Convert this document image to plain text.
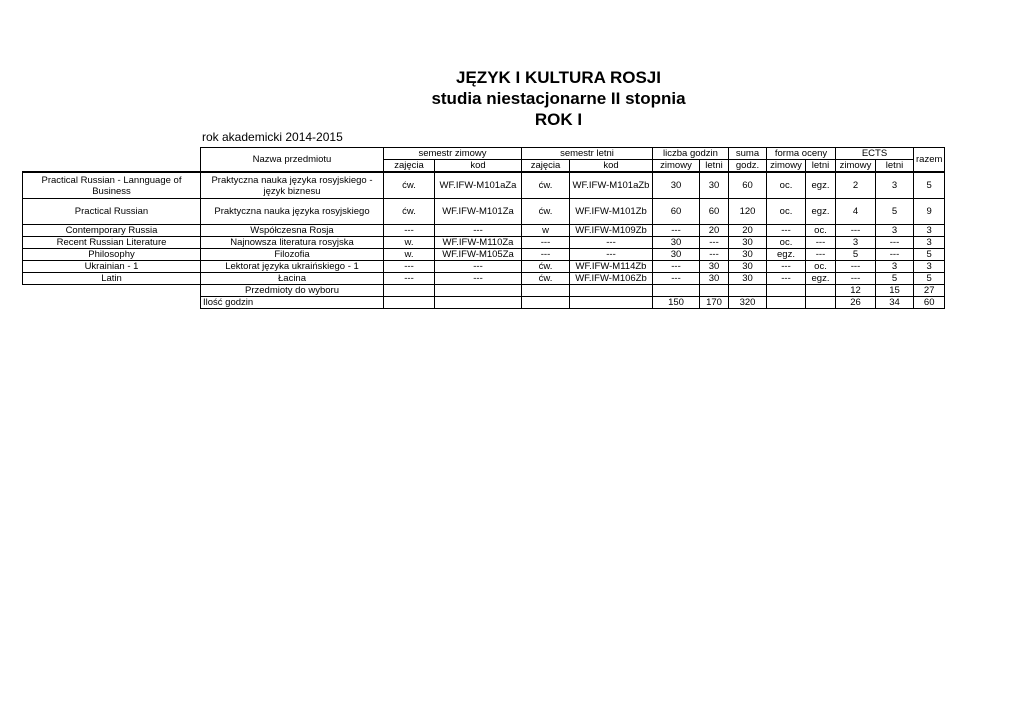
JĘZYK I KULTURA ROSJI
studia niestacjonarne II stopnia
ROK I
rok akademicki 2014-2015
	Nazwa przedmiotu	semestr zimowy		semestr letni		liczba godzin		suma	forma oceny		ECTS		razem
		zajęcia	kod	zajęcia	kod	zimowy	letni	godz.	zimowy	letni	zimowy	letni	
Practical Russian - Lannguage of Business	Praktyczna nauka języka rosyjskiego - język biznesu	ćw.	WF.IFW-M101aZa	ćw.	WF.IFW-M101aZb	30	30	60	oc.	egz.	2	3	5
Practical Russian	Praktyczna nauka języka rosyjskiego	ćw.	WF.IFW-M101Za	ćw.	WF.IFW-M101Zb	60	60	120	oc.	egz.	4	5	9
Contemporary Russia	Współczesna Rosja	---	---	w	WF.IFW-M109Zb	---	20	20	---	oc.	---	3	3
Recent Russian Literature	Najnowsza literatura rosyjska	w.	WF.IFW-M110Za	---	---	30	---	30	oc.	---	3	---	3
Philosophy	Filozofia	w.	WF.IFW-M105Za	---	---	30	---	30	egz.	---	5	---	5
Ukrainian - 1	Lektorat języka ukraińskiego - 1	---	---	ćw.	WF.IFW-M114Zb	---	30	30	---	oc.	---	3	3
Latin	Łacina	---	---	ćw.	WF.IFW-M106Zb	---	30	30	---	egz.	---	5	5
	Przedmioty do wyboru										12	15	27
	Ilość godzin					150	170	320			26	34	60
